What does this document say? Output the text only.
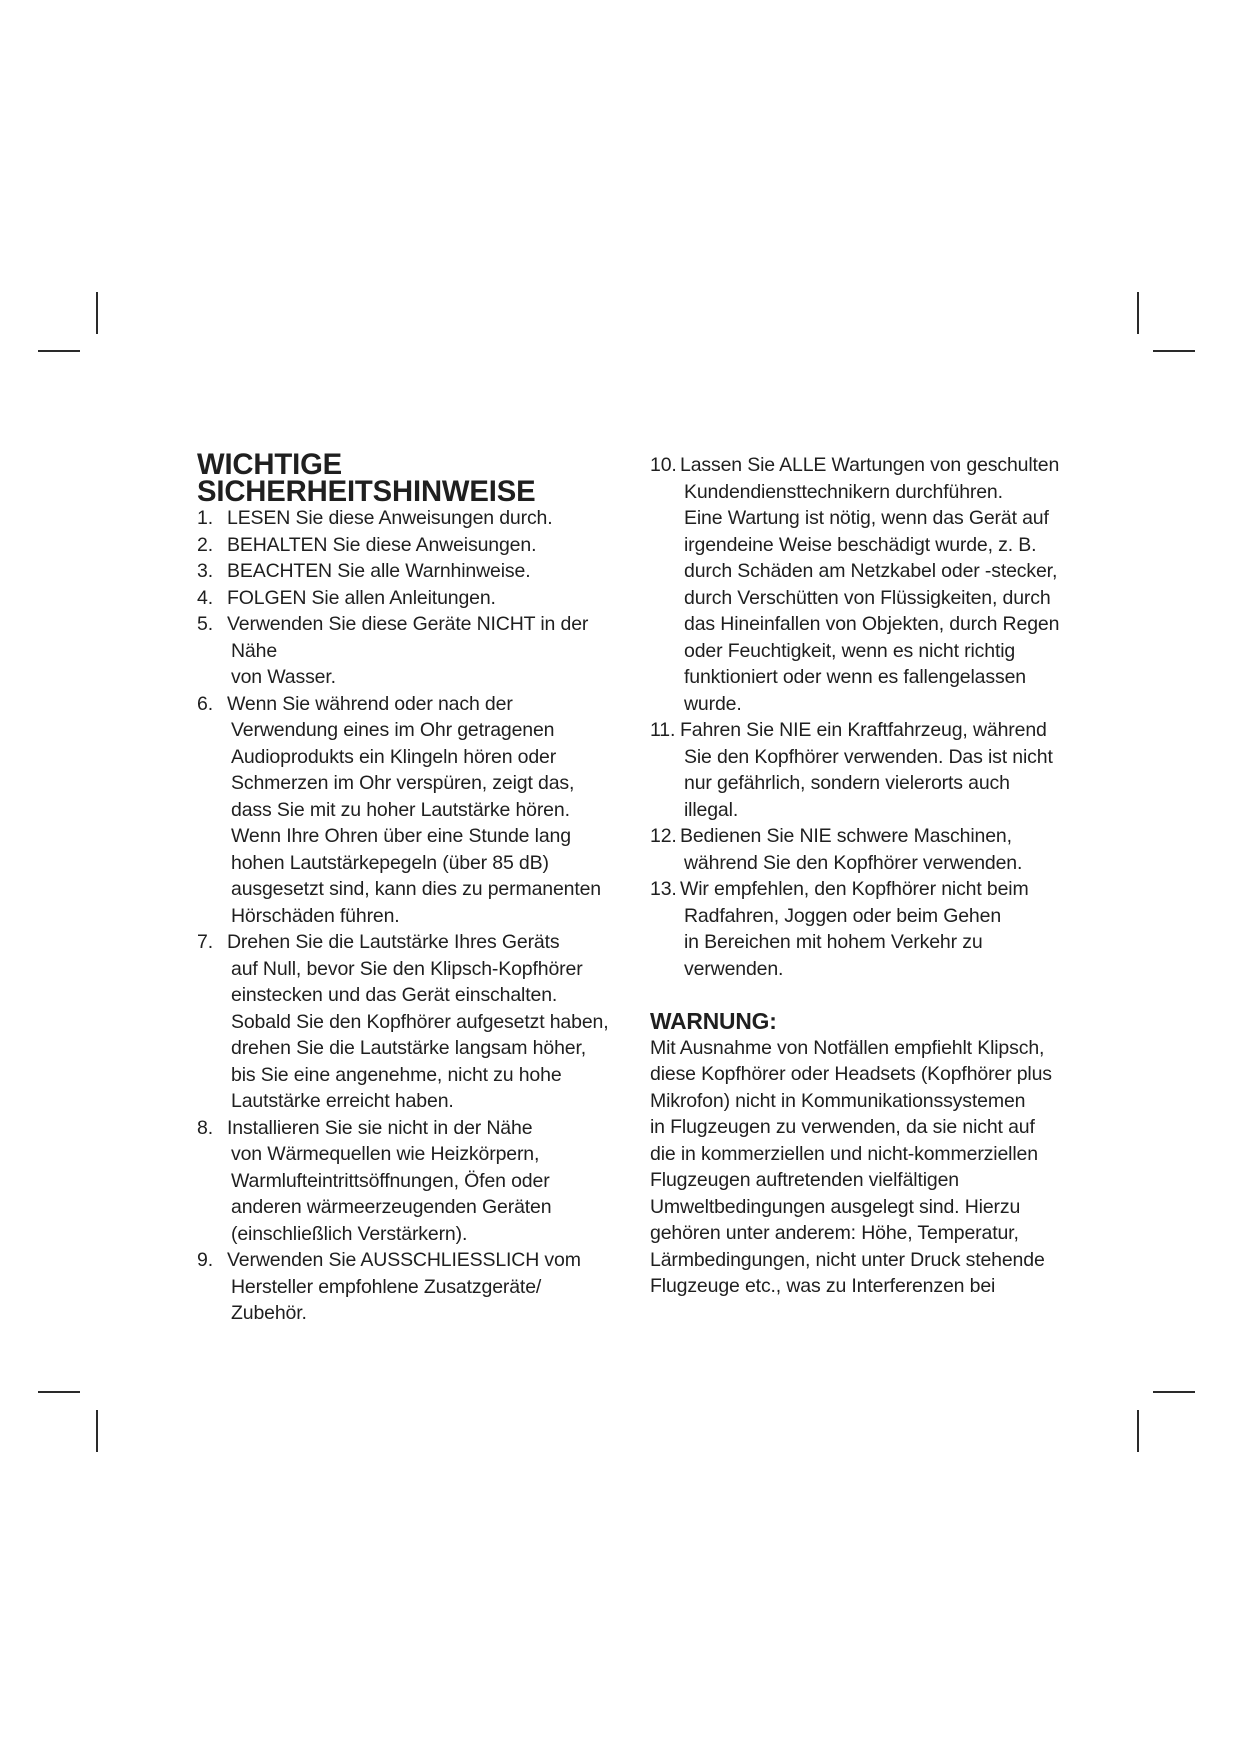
WICHTIGE SICHERHEITSHINWEISE
1. LESEN Sie diese Anweisungen durch.
2. BEHALTEN Sie diese Anweisungen.
3. BEACHTEN Sie alle Warnhinweise.
4. FOLGEN Sie allen Anleitungen.
5. Verwenden Sie diese Geräte NICHT in der
Nähe
von Wasser.
6. Wenn Sie während oder nach der
Verwendung eines im Ohr getragenen
Audioprodukts ein Klingeln hören oder
Schmerzen im Ohr verspüren, zeigt das,
dass Sie mit zu hoher Lautstärke hören.
Wenn Ihre Ohren über eine Stunde lang
hohen Lautstärkepegeln (über 85 dB)
ausgesetzt sind, kann dies zu permanenten
Hörschäden führen.
7. Drehen Sie die Lautstärke Ihres Geräts
auf Null, bevor Sie den Klipsch-Kopfhörer
einstecken und das Gerät einschalten.
Sobald Sie den Kopfhörer aufgesetzt haben,
drehen Sie die Lautstärke langsam höher,
bis Sie eine angenehme, nicht zu hohe
Lautstärke erreicht haben.
8. Installieren Sie sie nicht in der Nähe
von Wärmequellen wie Heizkörpern,
Warmlufteintrittsöffnungen, Öfen oder
anderen wärmeerzeugenden Geräten
(einschließlich Verstärkern).
9. Verwenden Sie AUSSCHLIESSLICH vom
Hersteller empfohlene Zusatzgeräte/
Zubehör.
10. Lassen Sie ALLE Wartungen von geschulten
Kundendiensttechnikern durchführen.
Eine Wartung ist nötig, wenn das Gerät auf
irgendeine Weise beschädigt wurde, z. B.
durch Schäden am Netzkabel oder -stecker,
durch Verschütten von Flüssigkeiten, durch
das Hineinfallen von Objekten, durch Regen
oder Feuchtigkeit, wenn es nicht richtig
funktioniert oder wenn es fallengelassen
wurde.
11. Fahren Sie NIE ein Kraftfahrzeug, während
Sie den Kopfhörer verwenden. Das ist nicht
nur gefährlich, sondern vielerorts auch
illegal.
12. Bedienen Sie NIE schwere Maschinen,
während Sie den Kopfhörer verwenden.
13. Wir empfehlen, den Kopfhörer nicht beim
Radfahren, Joggen oder beim Gehen
in Bereichen mit hohem Verkehr zu
verwenden.
WARNUNG:

Mit Ausnahme von Notfällen empfiehlt Klipsch,
diese Kopfhörer oder Headsets (Kopfhörer plus
Mikrofon) nicht in Kommunikationssystemen
in Flugzeugen zu verwenden, da sie nicht auf
die in kommerziellen und nicht-kommerziellen
Flugzeugen auftretenden vielfältigen
Umweltbedingungen ausgelegt sind. Hierzu
gehören unter anderem: Höhe, Temperatur,
Lärmbedingungen, nicht unter Druck stehende
Flugzeuge etc., was zu Interferenzen bei
